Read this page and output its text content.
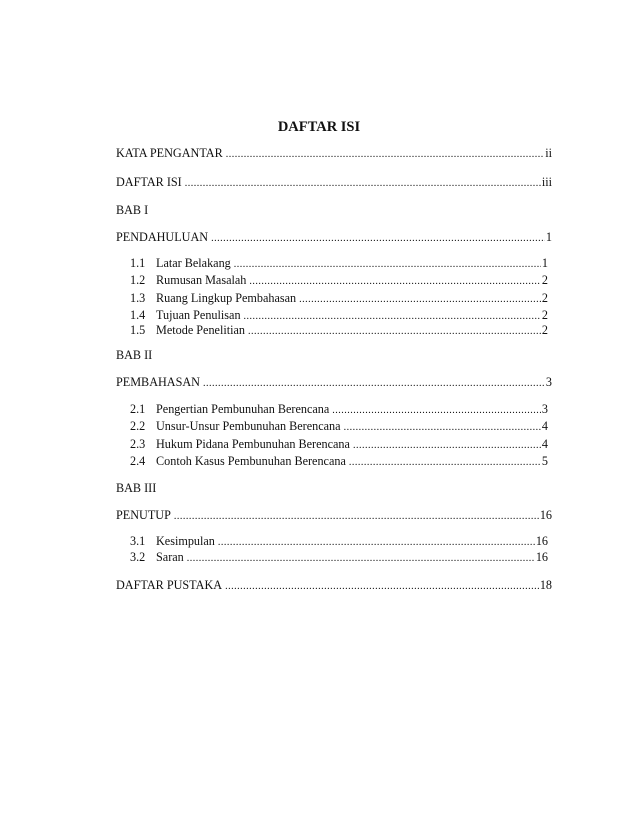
DAFTAR ISI
KATA PENGANTAR .....	ii
DAFTAR ISI .....	iii
BAB I
PENDAHULUAN .....	1
1.1 Latar Belakang .....	1
1.2 Rumusan Masalah .....	2
1.3 Ruang Lingkup Pembahasan .....	2
1.4 Tujuan Penulisan .....	2
1.5 Metode Penelitian .....	2
BAB II
PEMBAHASAN .....	3
2.1 Pengertian Pembunuhan Berencana .....	3
2.2 Unsur-Unsur Pembunuhan Berencana .....	4
2.3 Hukum Pidana Pembunuhan Berencana .....	4
2.4 Contoh Kasus Pembunuhan Berencana .....	5
BAB III
PENUTUP .....	16
3.1 Kesimpulan .....	16
3.2 Saran .....	16
DAFTAR PUSTAKA .....	18
